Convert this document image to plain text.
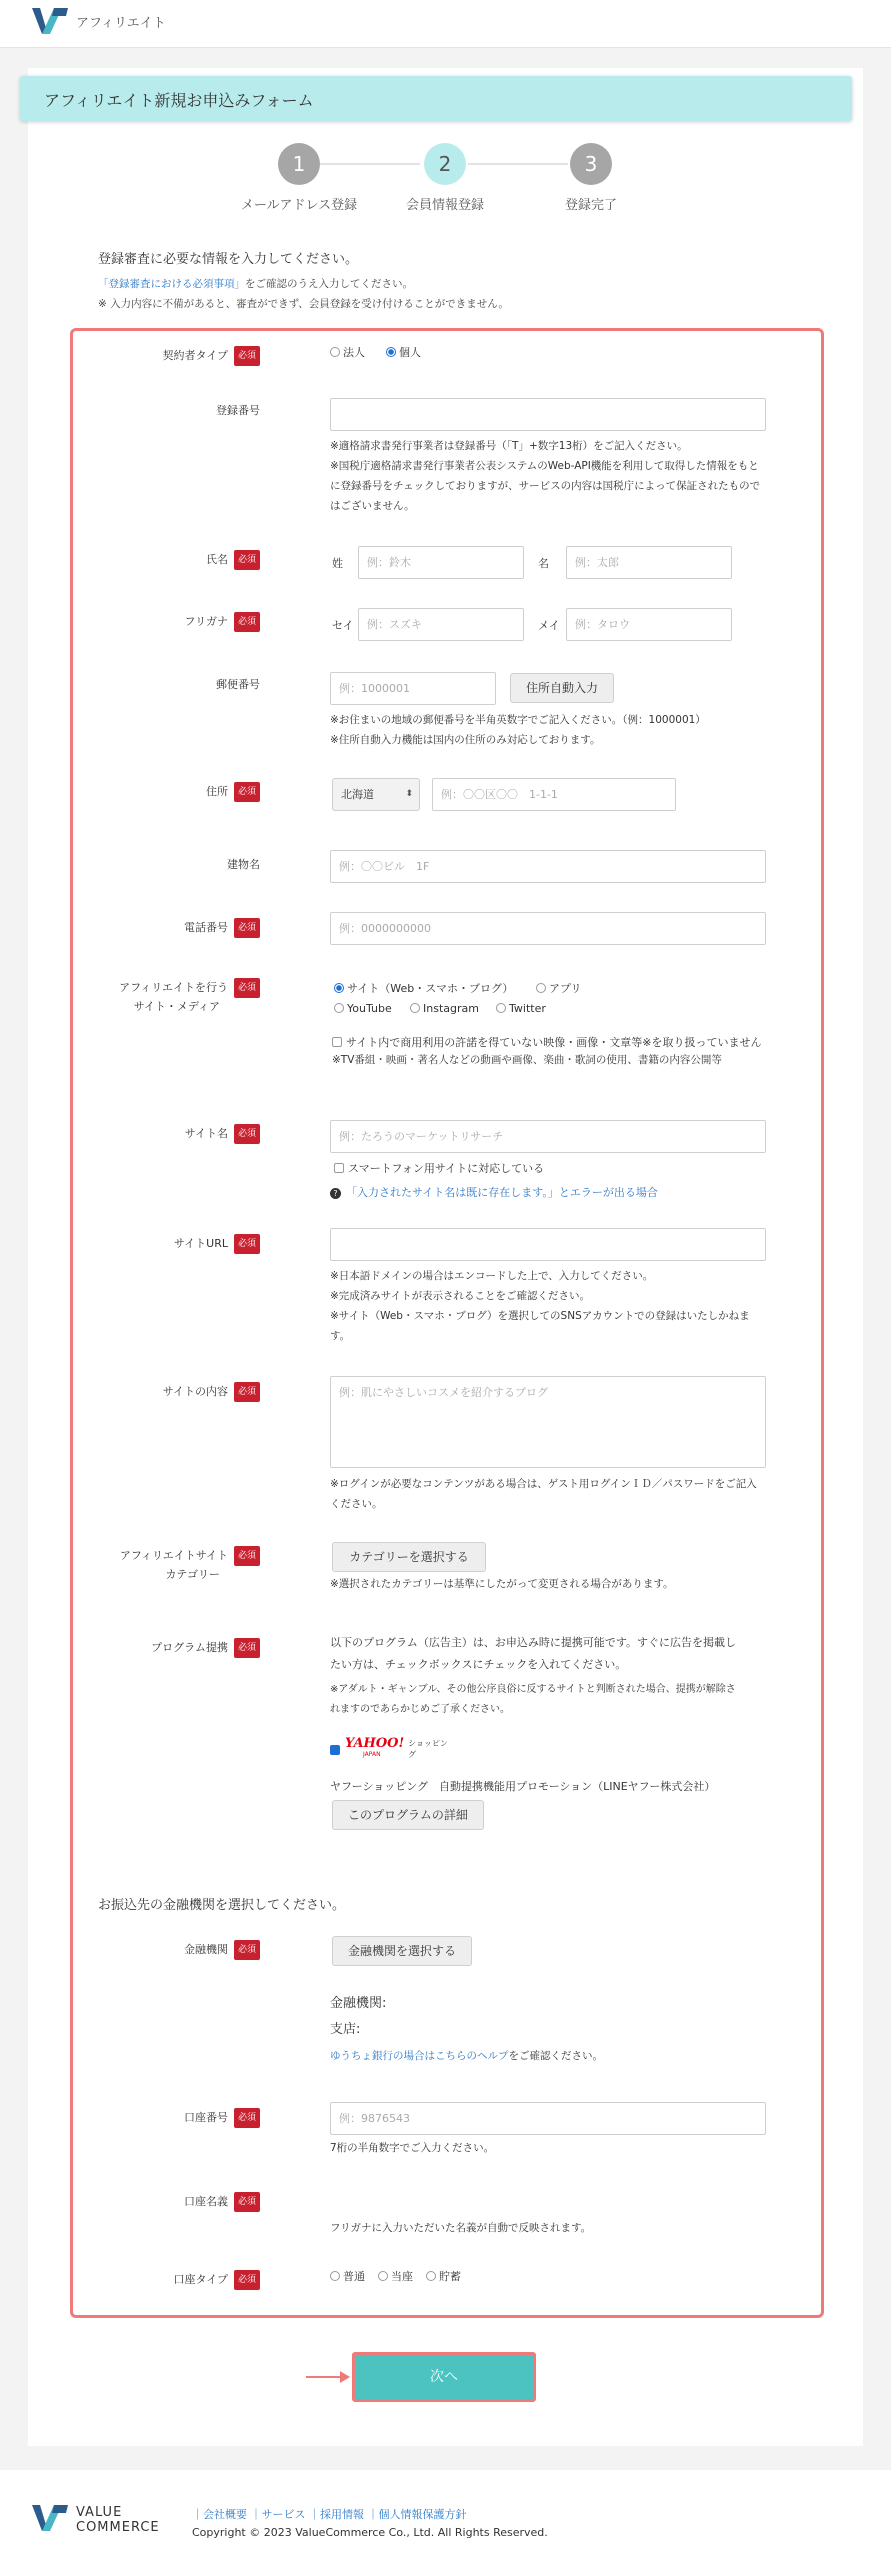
アフィリエイト
アフィリエイト新規お申込みフォーム
1	2	3
メールアドレス登録	会員情報登録	登録完了
登録審査に必要な情報を入力してください。
「登録審査における必須事項」をご確認のうえ入力してください。
※ 入力内容に不備があると、審査ができず、会員登録を受け付けることができません。
契約者タイプ 必須	法人	個人
登録番号
※適格請求書発行事業者は登録番号（「T」+数字13桁）をご記入ください。
※国税庁適格請求書発行事業者公表システムのWeb-API機能を利用して取得した情報をもと
に登録番号をチェックしておりますが、サービスの内容は国税庁によって保証されたもので
はございません。
氏名 必須	姓	例：鈴木	名	例：太郎
フリガナ 必須	セイ	例：スズキ	メイ	例：タロウ
郵便番号	例：1000001	住所自動入力
※お住まいの地域の郵便番号を半角英数字でご記入ください。（例：1000001）
※住所自動入力機能は国内の住所のみ対応しております。
住所 必須	北海道	⬍	例：〇〇区〇〇　1-1-1
建物名	例：〇〇ビル　1F
電話番号 必須	例：0000000000
アフィリエイトを行う 必須
サイト・メディア
サイト（Web・スマホ・ブログ）	アプリ
YouTube	Instagram	Twitter
サイト内で商用利用の許諾を得ていない映像・画像・文章等※を取り扱っていません
※TV番組・映画・著名人などの動画や画像、楽曲・歌詞の使用、書籍の内容公開等
サイト名 必須	例：たろうのマーケットリサーチ
スマートフォン用サイトに対応している
? 「入力されたサイト名は既に存在します。」とエラーが出る場合
サイトURL 必須
※日本語ドメインの場合はエンコードした上で、入力してください。
※完成済みサイトが表示されることをご確認ください。
※サイト（Web・スマホ・ブログ）を選択してのSNSアカウントでの登録はいたしかねま
す。
サイトの内容 必須	例：肌にやさしいコスメを紹介するブログ
※ログインが必要なコンテンツがある場合は、ゲスト用ログインＩＤ／パスワードをご記入
ください。
アフィリエイトサイト 必須
カテゴリー
カテゴリーを選択する
※選択されたカテゴリーは基準にしたがって変更される場合があります。
プログラム提携 必須	以下のプログラム（広告主）は、お申込み時に提携可能です。すぐに広告を掲載し
たい方は、チェックボックスにチェックを入れてください。
※アダルト・ギャンブル、その他公序良俗に反するサイトと判断された場合、提携が解除さ
れますのであらかじめご了承ください。
YAHOO!
JAPAN
ショッピング
ヤフーショッピング　自動提携機能用プロモーション（LINEヤフー株式会社）
このプログラムの詳細
お振込先の金融機関を選択してください。
金融機関 必須	金融機関を選択する
金融機関:
支店:
ゆうちょ銀行の場合はこちらのヘルプをご確認ください。
口座番号 必須	例：9876543
7桁の半角数字でご入力ください。
口座名義 必須
フリガナに入力いただいた名義が自動で反映されます。
口座タイプ 必須	普通	当座	貯蓄
次へ
VALUE
COMMERCE
｜会社概要 ｜サービス ｜採用情報 ｜個人情報保護方針
Copyright © 2023 ValueCommerce Co., Ltd. All Rights Reserved.
